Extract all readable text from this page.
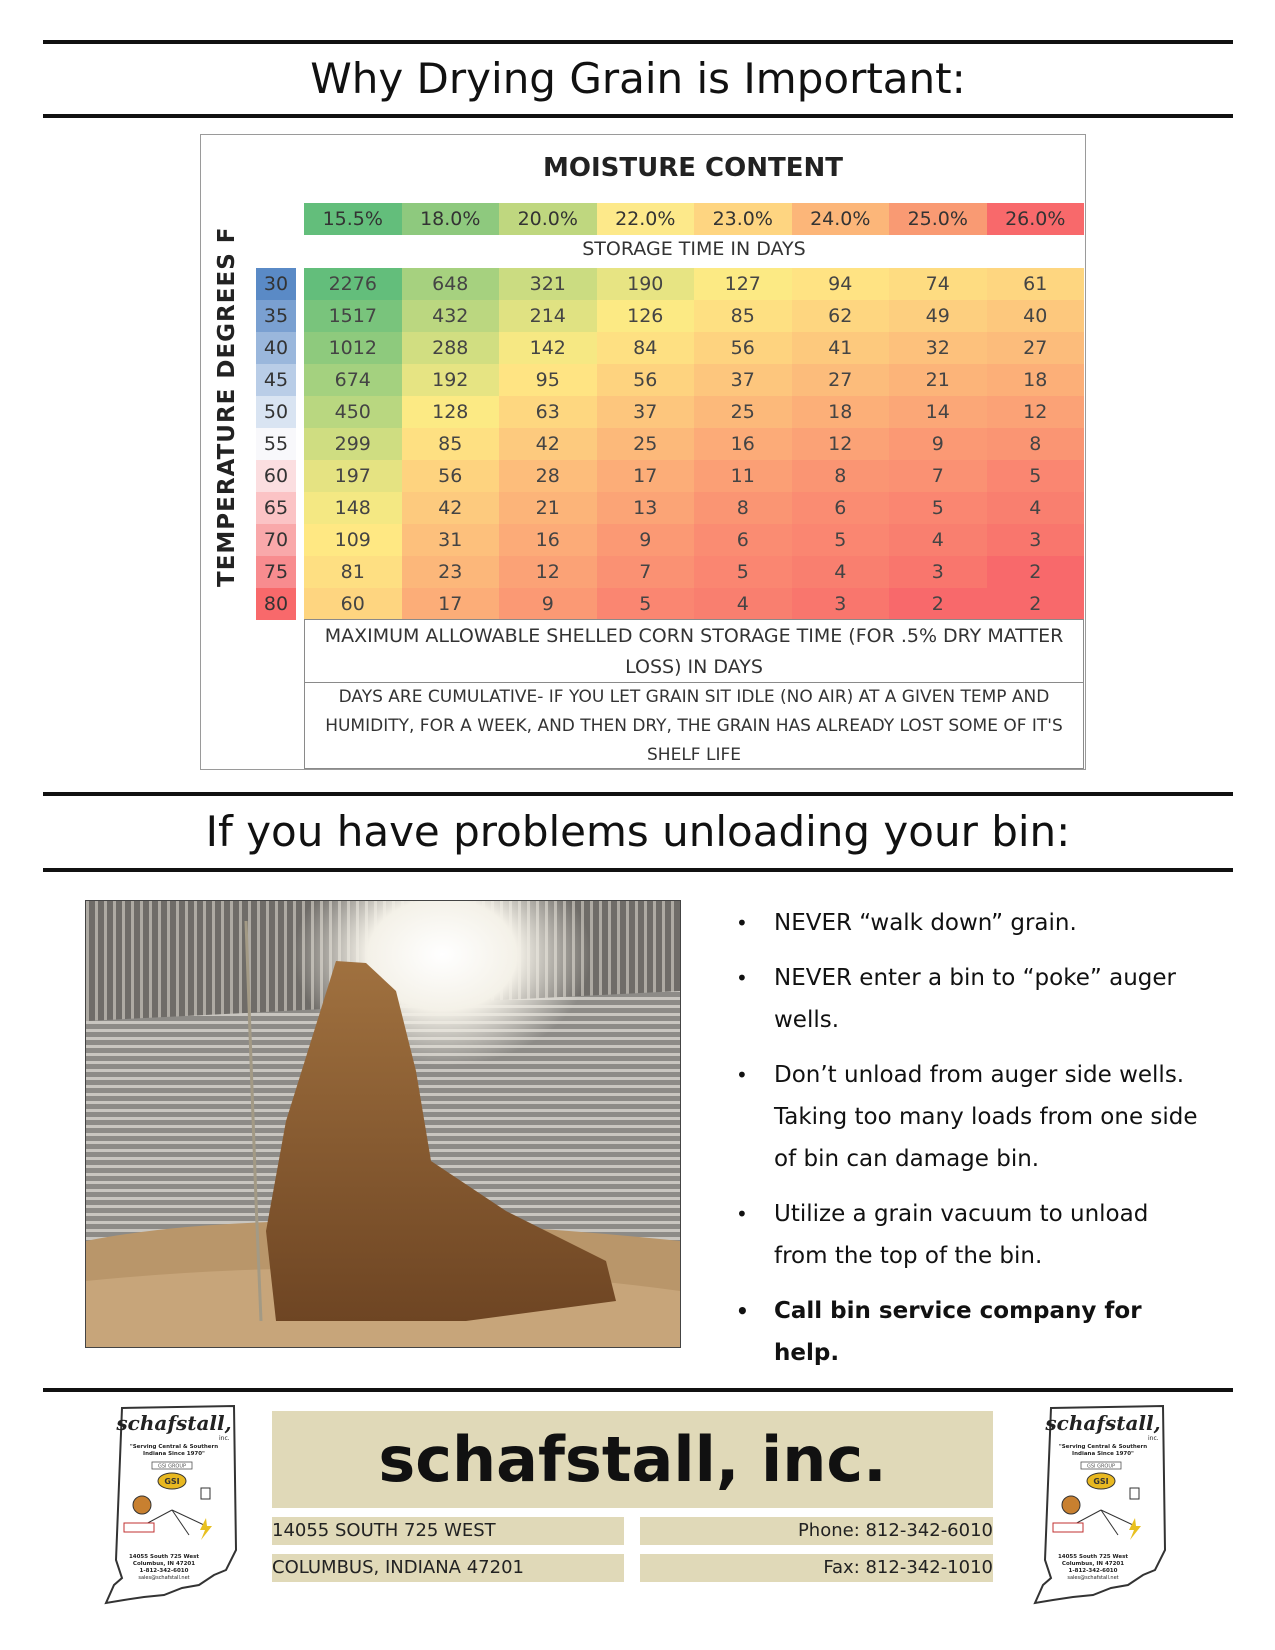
Why Drying Grain is Important:
MOISTURE CONTENT
TEMPERATURE DEGREES F	STORAGE TIME IN DAYS
15.5%	18.0%	20.0%	22.0%	23.0%	24.0%	25.0%	26.0%
30	2276	648	321	190	127	94	74	61
35	1517	432	214	126	85	62	49	40
40	1012	288	142	84	56	41	32	27
45	674	192	95	56	37	27	21	18
50	450	128	63	37	25	18	14	12
55	299	85	42	25	16	12	9	8
60	197	56	28	17	11	8	7	5
65	148	42	21	13	8	6	5	4
70	109	31	16	9	6	5	4	3
75	81	23	12	7	5	4	3	2
80	60	17	9	5	4	3	2	2
MAXIMUM ALLOWABLE SHELLED CORN STORAGE TIME (FOR .5% DRY MATTER LOSS) IN DAYS
DAYS ARE CUMULATIVE- IF YOU LET GRAIN SIT IDLE (NO AIR) AT A GIVEN TEMP AND HUMIDITY, FOR A WEEK, AND THEN DRY, THE GRAIN HAS ALREADY LOST SOME OF IT'S SHELF LIFE
If you have problems unloading your bin:
• NEVER “walk down” grain.
• NEVER enter a bin to “poke” auger wells.
• Don’t unload from auger side wells. Taking too many loads from one side of bin can damage bin.
• Utilize a grain vacuum to unload from the top of the bin.
• Call bin service company for help.
schafstall,
inc.
"Serving Central & Southern
Indiana Since 1970"
GSI GROUP
GSI
14055 South 725 West
Columbus, IN 47201
1-812-342-6010
sales@schafstall.net
schafstall, inc.
14055 SOUTH 725 WEST
COLUMBUS, INDIANA 47201
Phone: 812-342-6010
Fax: 812-342-1010
schafstall,
inc.
"Serving Central & Southern
Indiana Since 1970"
GSI GROUP
GSI
14055 South 725 West
Columbus, IN 47201
1-812-342-6010
sales@schafstall.net
